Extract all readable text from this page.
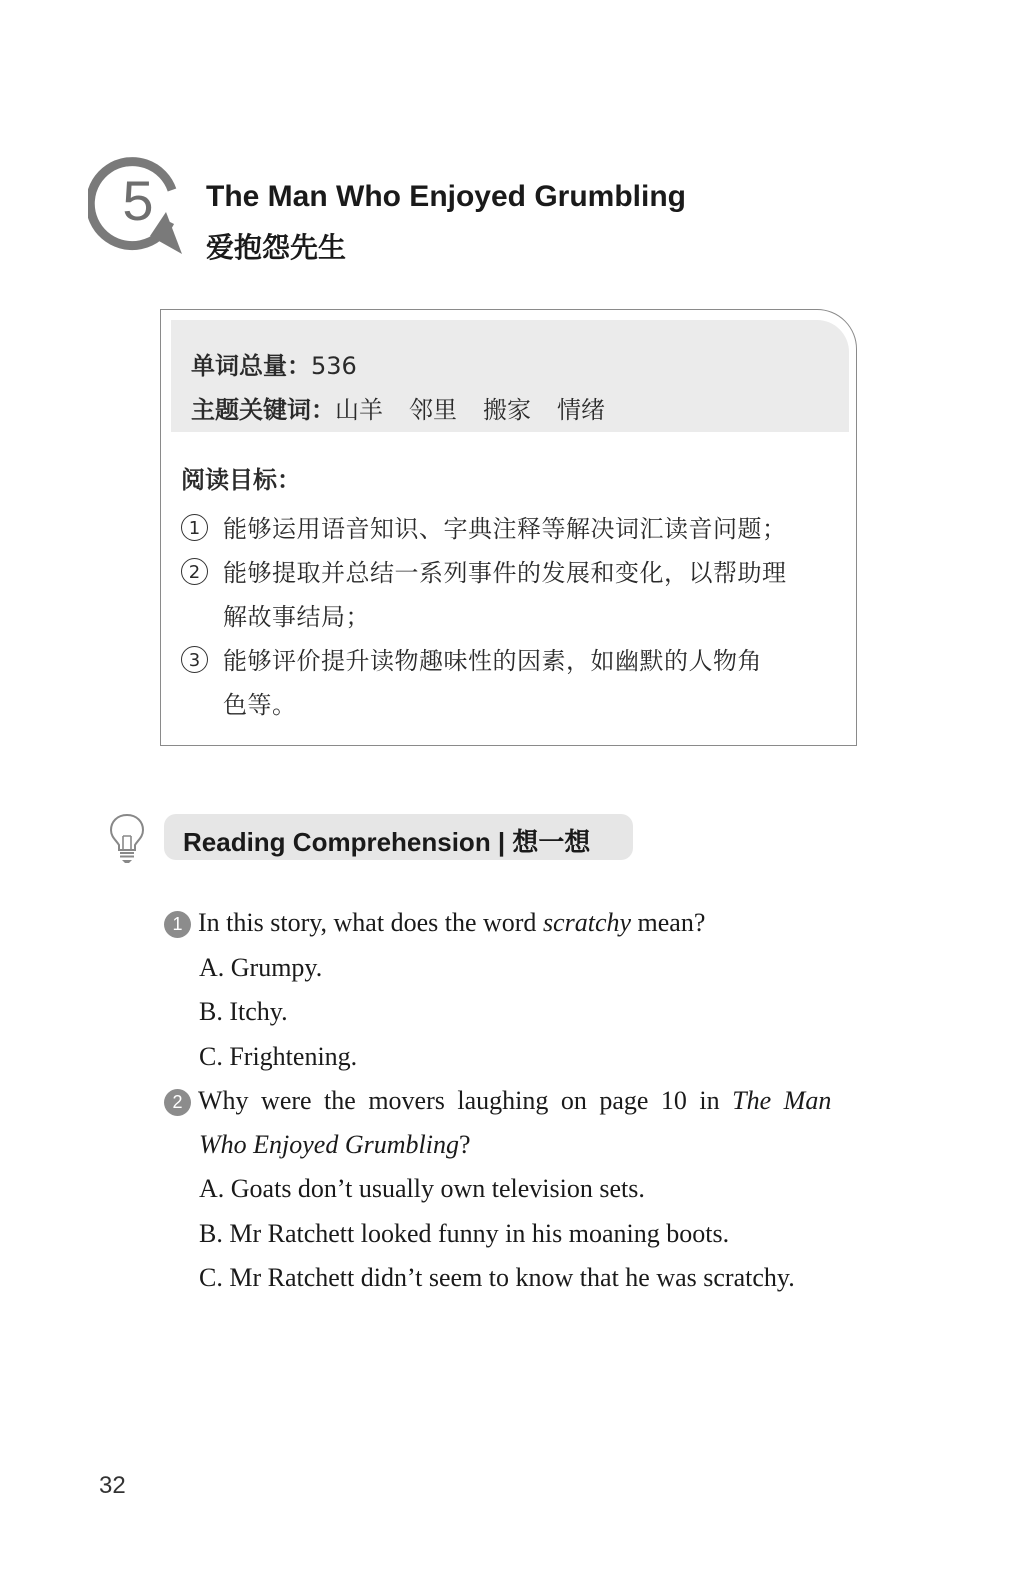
5 The Man Who Enjoyed Grumbling
爱抱怨先生
单词总量：536
主题关键词：山羊 邻里 搬家 情绪
阅读目标：
1 能够运用语音知识、字典注释等解决词汇读音问题；
2 能够提取并总结一系列事件的发展和变化，以帮助理
解故事结局；
3 能够评价提升读物趣味性的因素，如幽默的人物角
色等。
Reading Comprehension | 想一想
1 In this story, what does the word scratchy mean?
A. Grumpy.
B. Itchy.
C. Frightening.
2 Why were the movers laughing on page 10 in The Man
Who Enjoyed Grumbling?
A. Goats don’t usually own television sets.
B. Mr Ratchett looked funny in his moaning boots.
C. Mr Ratchett didn’t seem to know that he was scratchy.
32
